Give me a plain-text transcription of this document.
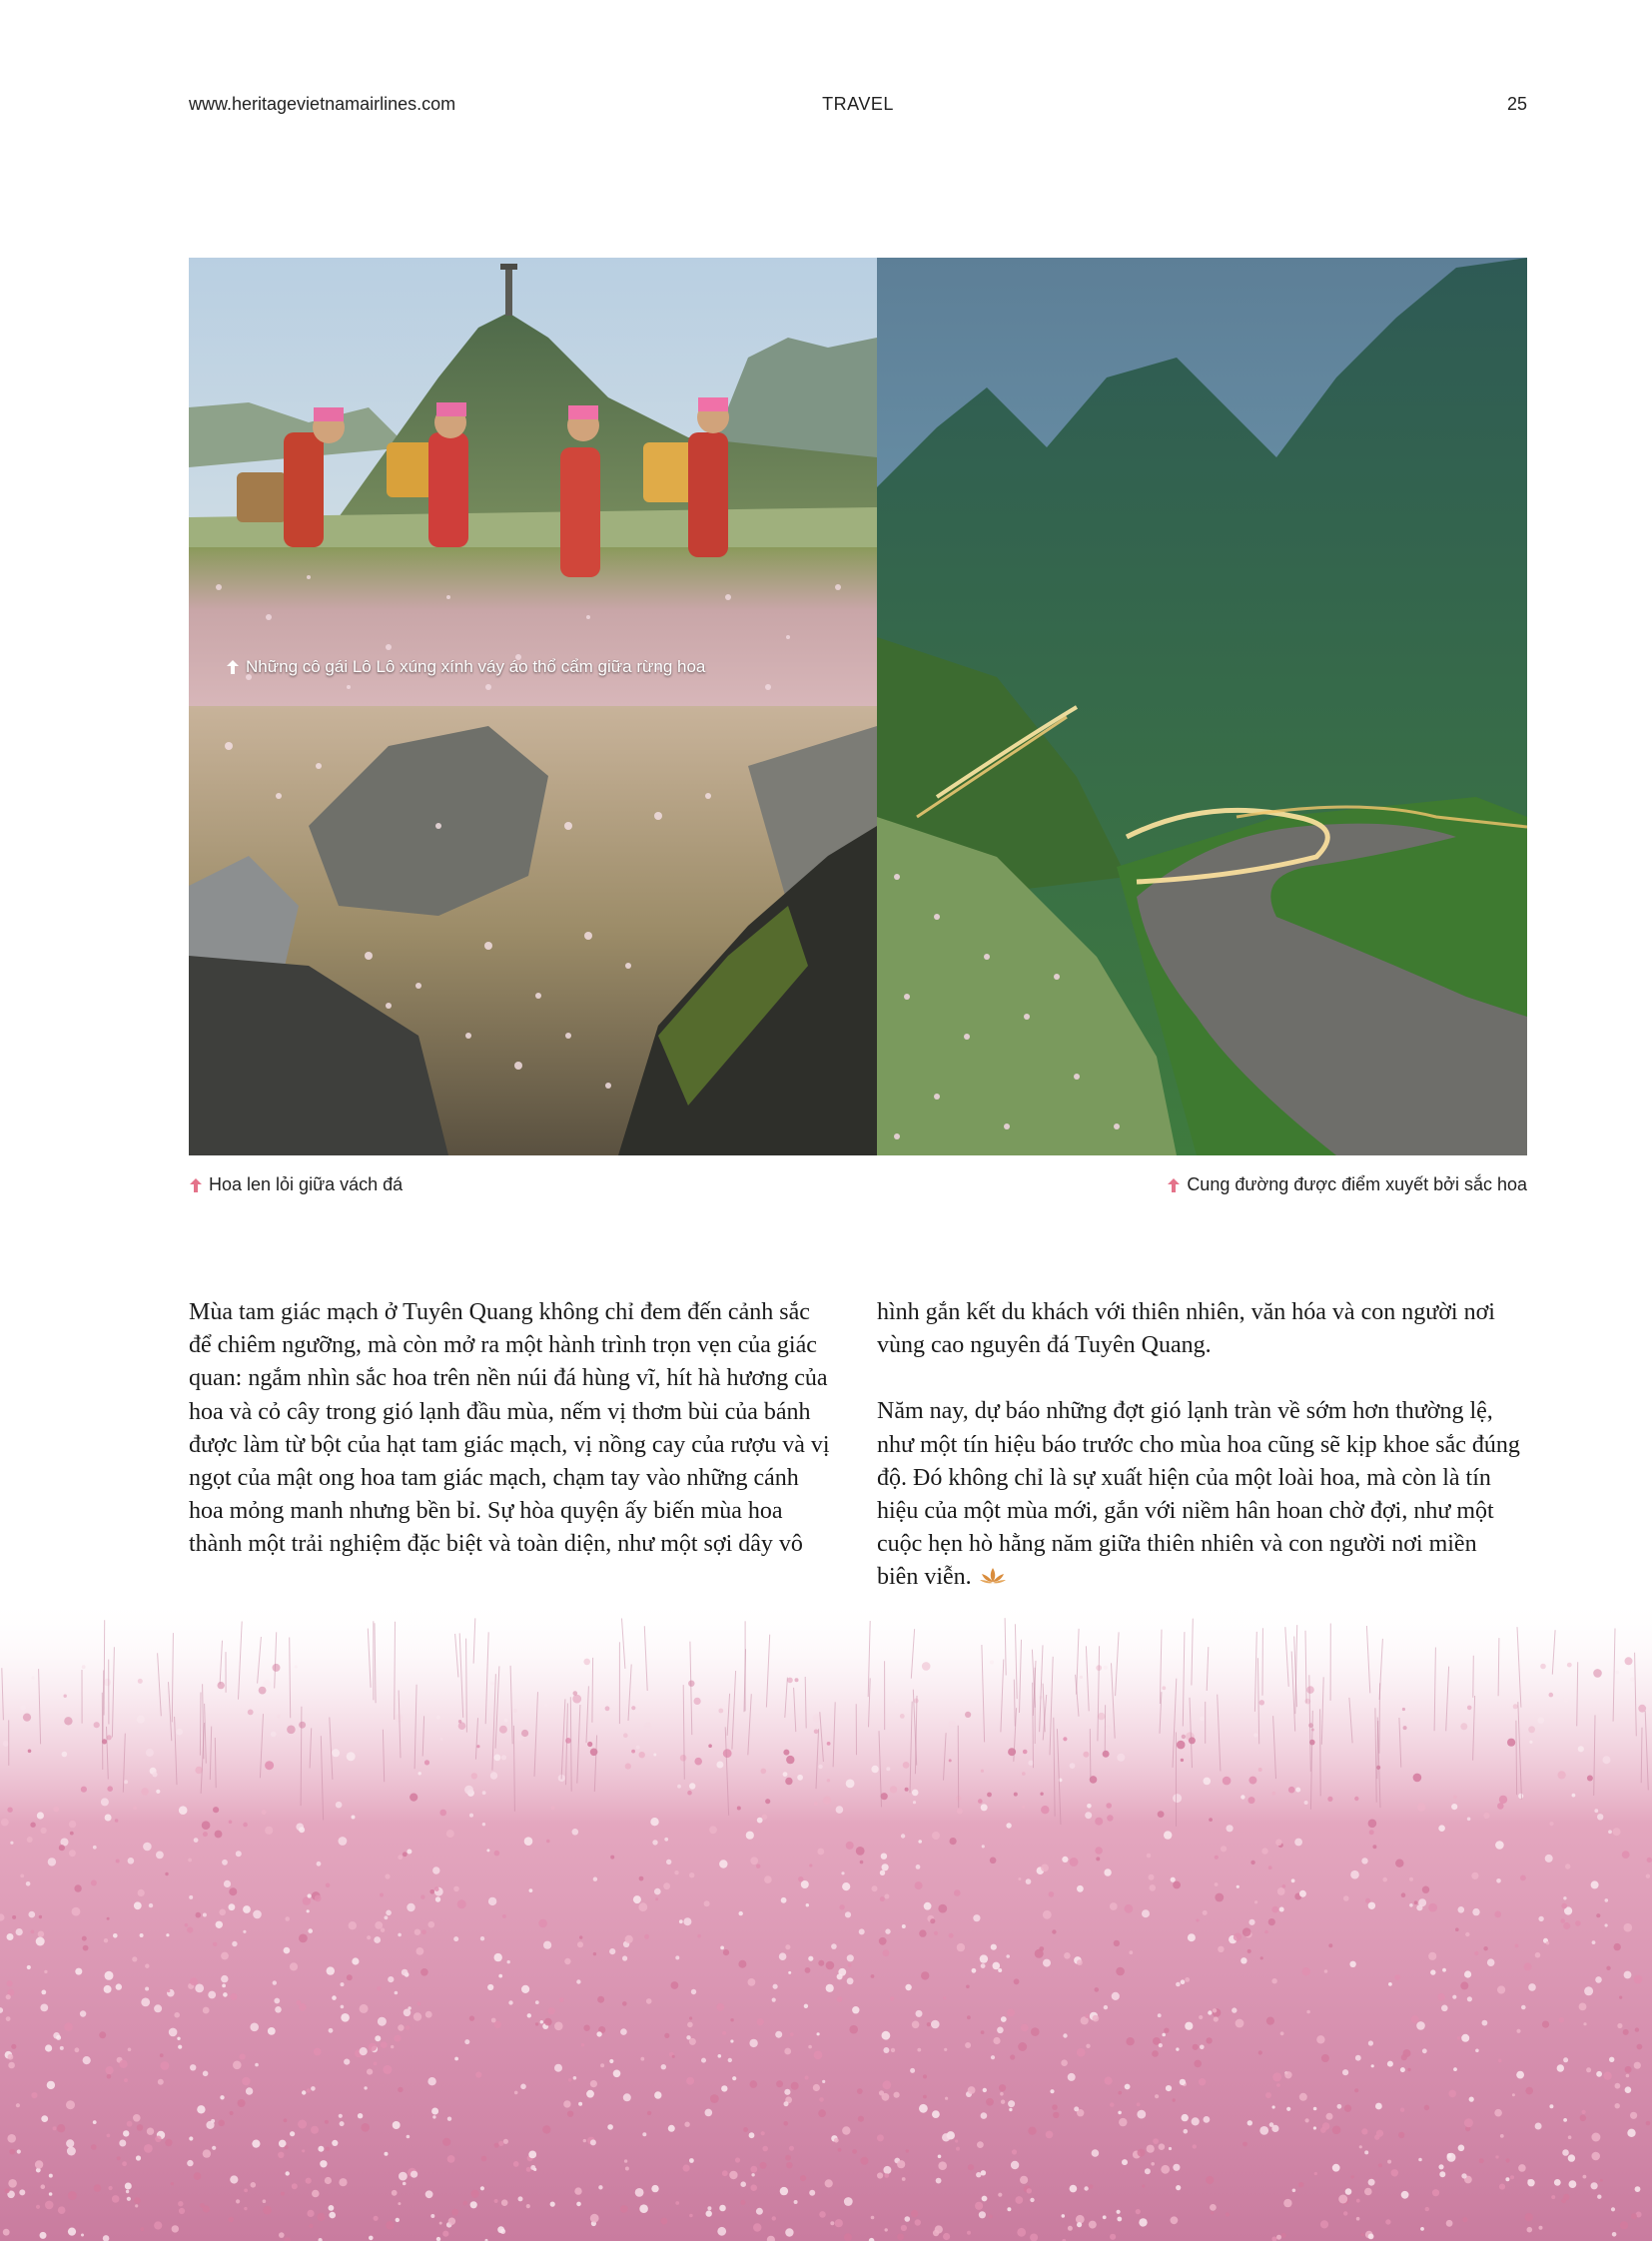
www.heritagevietnamairlines.com	TRAVEL	25
Những cô gái Lô Lô xúng xính váy áo thổ cẩm giữa rừng hoa
Hoa len lỏi giữa vách đá	Cung đường được điểm xuyết bởi sắc hoa

Mùa tam giác mạch ở Tuyên Quang không chỉ đem đến cảnh sắc để chiêm ngưỡng, mà còn mở ra một hành trình trọn vẹn của giác quan: ngắm nhìn sắc hoa trên nền núi đá hùng vĩ, hít hà hương của hoa và cỏ cây trong gió lạnh đầu mùa, nếm vị thơm bùi của bánh được làm từ bột của hạt tam giác mạch, vị nồng cay của rượu và vị ngọt của mật ong hoa tam giác mạch, chạm tay vào những cánh hoa mỏng manh nhưng bền bỉ. Sự hòa quyện ấy biến mùa hoa thành một trải nghiệm đặc biệt và toàn diện, như một sợi dây vô

hình gắn kết du khách với thiên nhiên, văn hóa và con người nơi vùng cao nguyên đá Tuyên Quang.

Năm nay, dự báo những đợt gió lạnh tràn về sớm hơn thường lệ, như một tín hiệu báo trước cho mùa hoa cũng sẽ kịp khoe sắc đúng độ. Đó không chỉ là sự xuất hiện của một loài hoa, mà còn là tín hiệu của một mùa mới, gắn với niềm hân hoan chờ đợi, như một cuộc hẹn hò hằng năm giữa thiên nhiên và con người nơi miền biên viễn.
